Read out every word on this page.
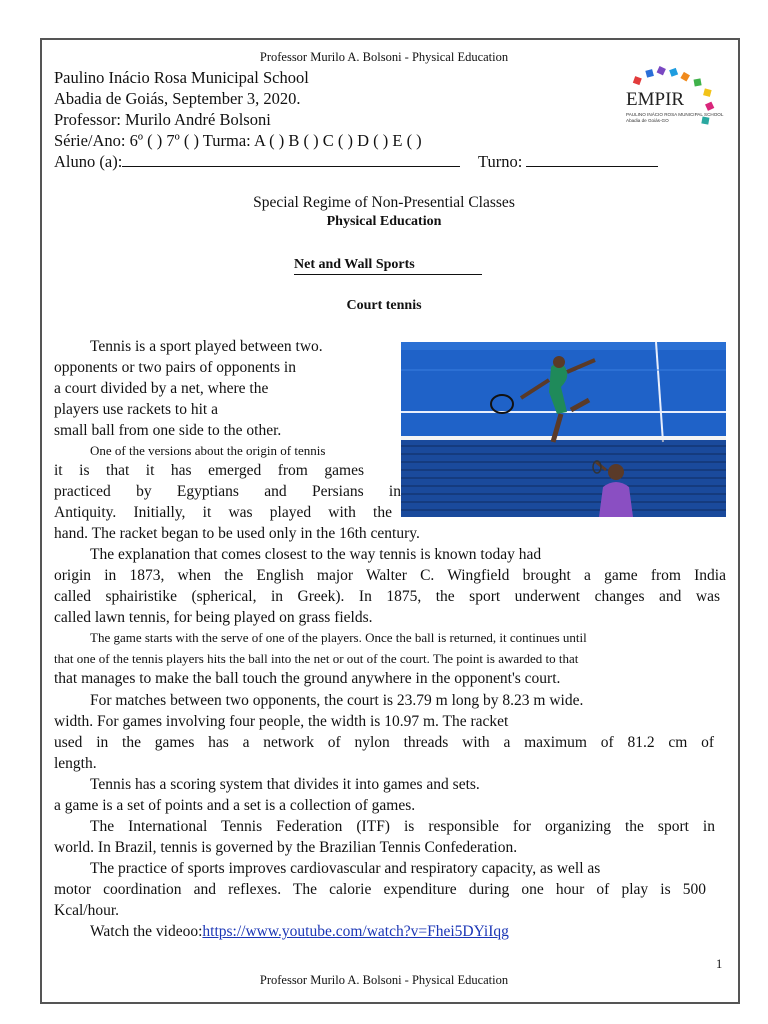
Professor Murilo A. Bolsoni - Physical Education
Paulino Inácio Rosa Municipal School
Abadia de Goiás, September 3, 2020.
Professor: Murilo André Bolsoni
Série/Ano: 6º ( ) 7º ( ) Turma: A ( ) B ( ) C ( ) D ( ) E ( )
Aluno (a):	Turno:
EMPIR
PAULINO INÁCIO ROSA MUNICIPAL SCHOOL
Abadia de Goiás-GO
Special Regime of Non-Presential Classes
Physical Education
Net and Wall Sports
Court tennis
Tennis is a sport played between two.
opponents or two pairs of opponents in
a court divided by a net, where the
players use rackets to hit a
small ball from one side to the other.
One of the versions about the origin of tennis
it is that it has emerged from games
practiced by Egyptians and Persians in
Antiquity. Initially, it was played with the
hand. The racket began to be used only in the 16th century.
The explanation that comes closest to the way tennis is known today had
origin in 1873, when the English major Walter C. Wingfield brought a game from India
called sphairistike (spherical, in Greek). In 1875, the sport underwent changes and was
called lawn tennis, for being played on grass fields.
The game starts with the serve of one of the players. Once the ball is returned, it continues until
that one of the tennis players hits the ball into the net or out of the court. The point is awarded to that
that manages to make the ball touch the ground anywhere in the opponent's court.
For matches between two opponents, the court is 23.79 m long by 8.23 m wide.
width. For games involving four people, the width is 10.97 m. The racket
used in the games has a network of nylon threads with a maximum of 81.2 cm of
length.
Tennis has a scoring system that divides it into games and sets.
a game is a set of points and a set is a collection of games.
The International Tennis Federation (ITF) is responsible for organizing the sport in
world. In Brazil, tennis is governed by the Brazilian Tennis Confederation.
The practice of sports improves cardiovascular and respiratory capacity, as well as
motor coordination and reflexes. The calorie expenditure during one hour of play is 500
Kcal/hour.
Watch the videoo:https://www.youtube.com/watch?v=Fhei5DYiIqg
1
Professor Murilo A. Bolsoni - Physical Education
